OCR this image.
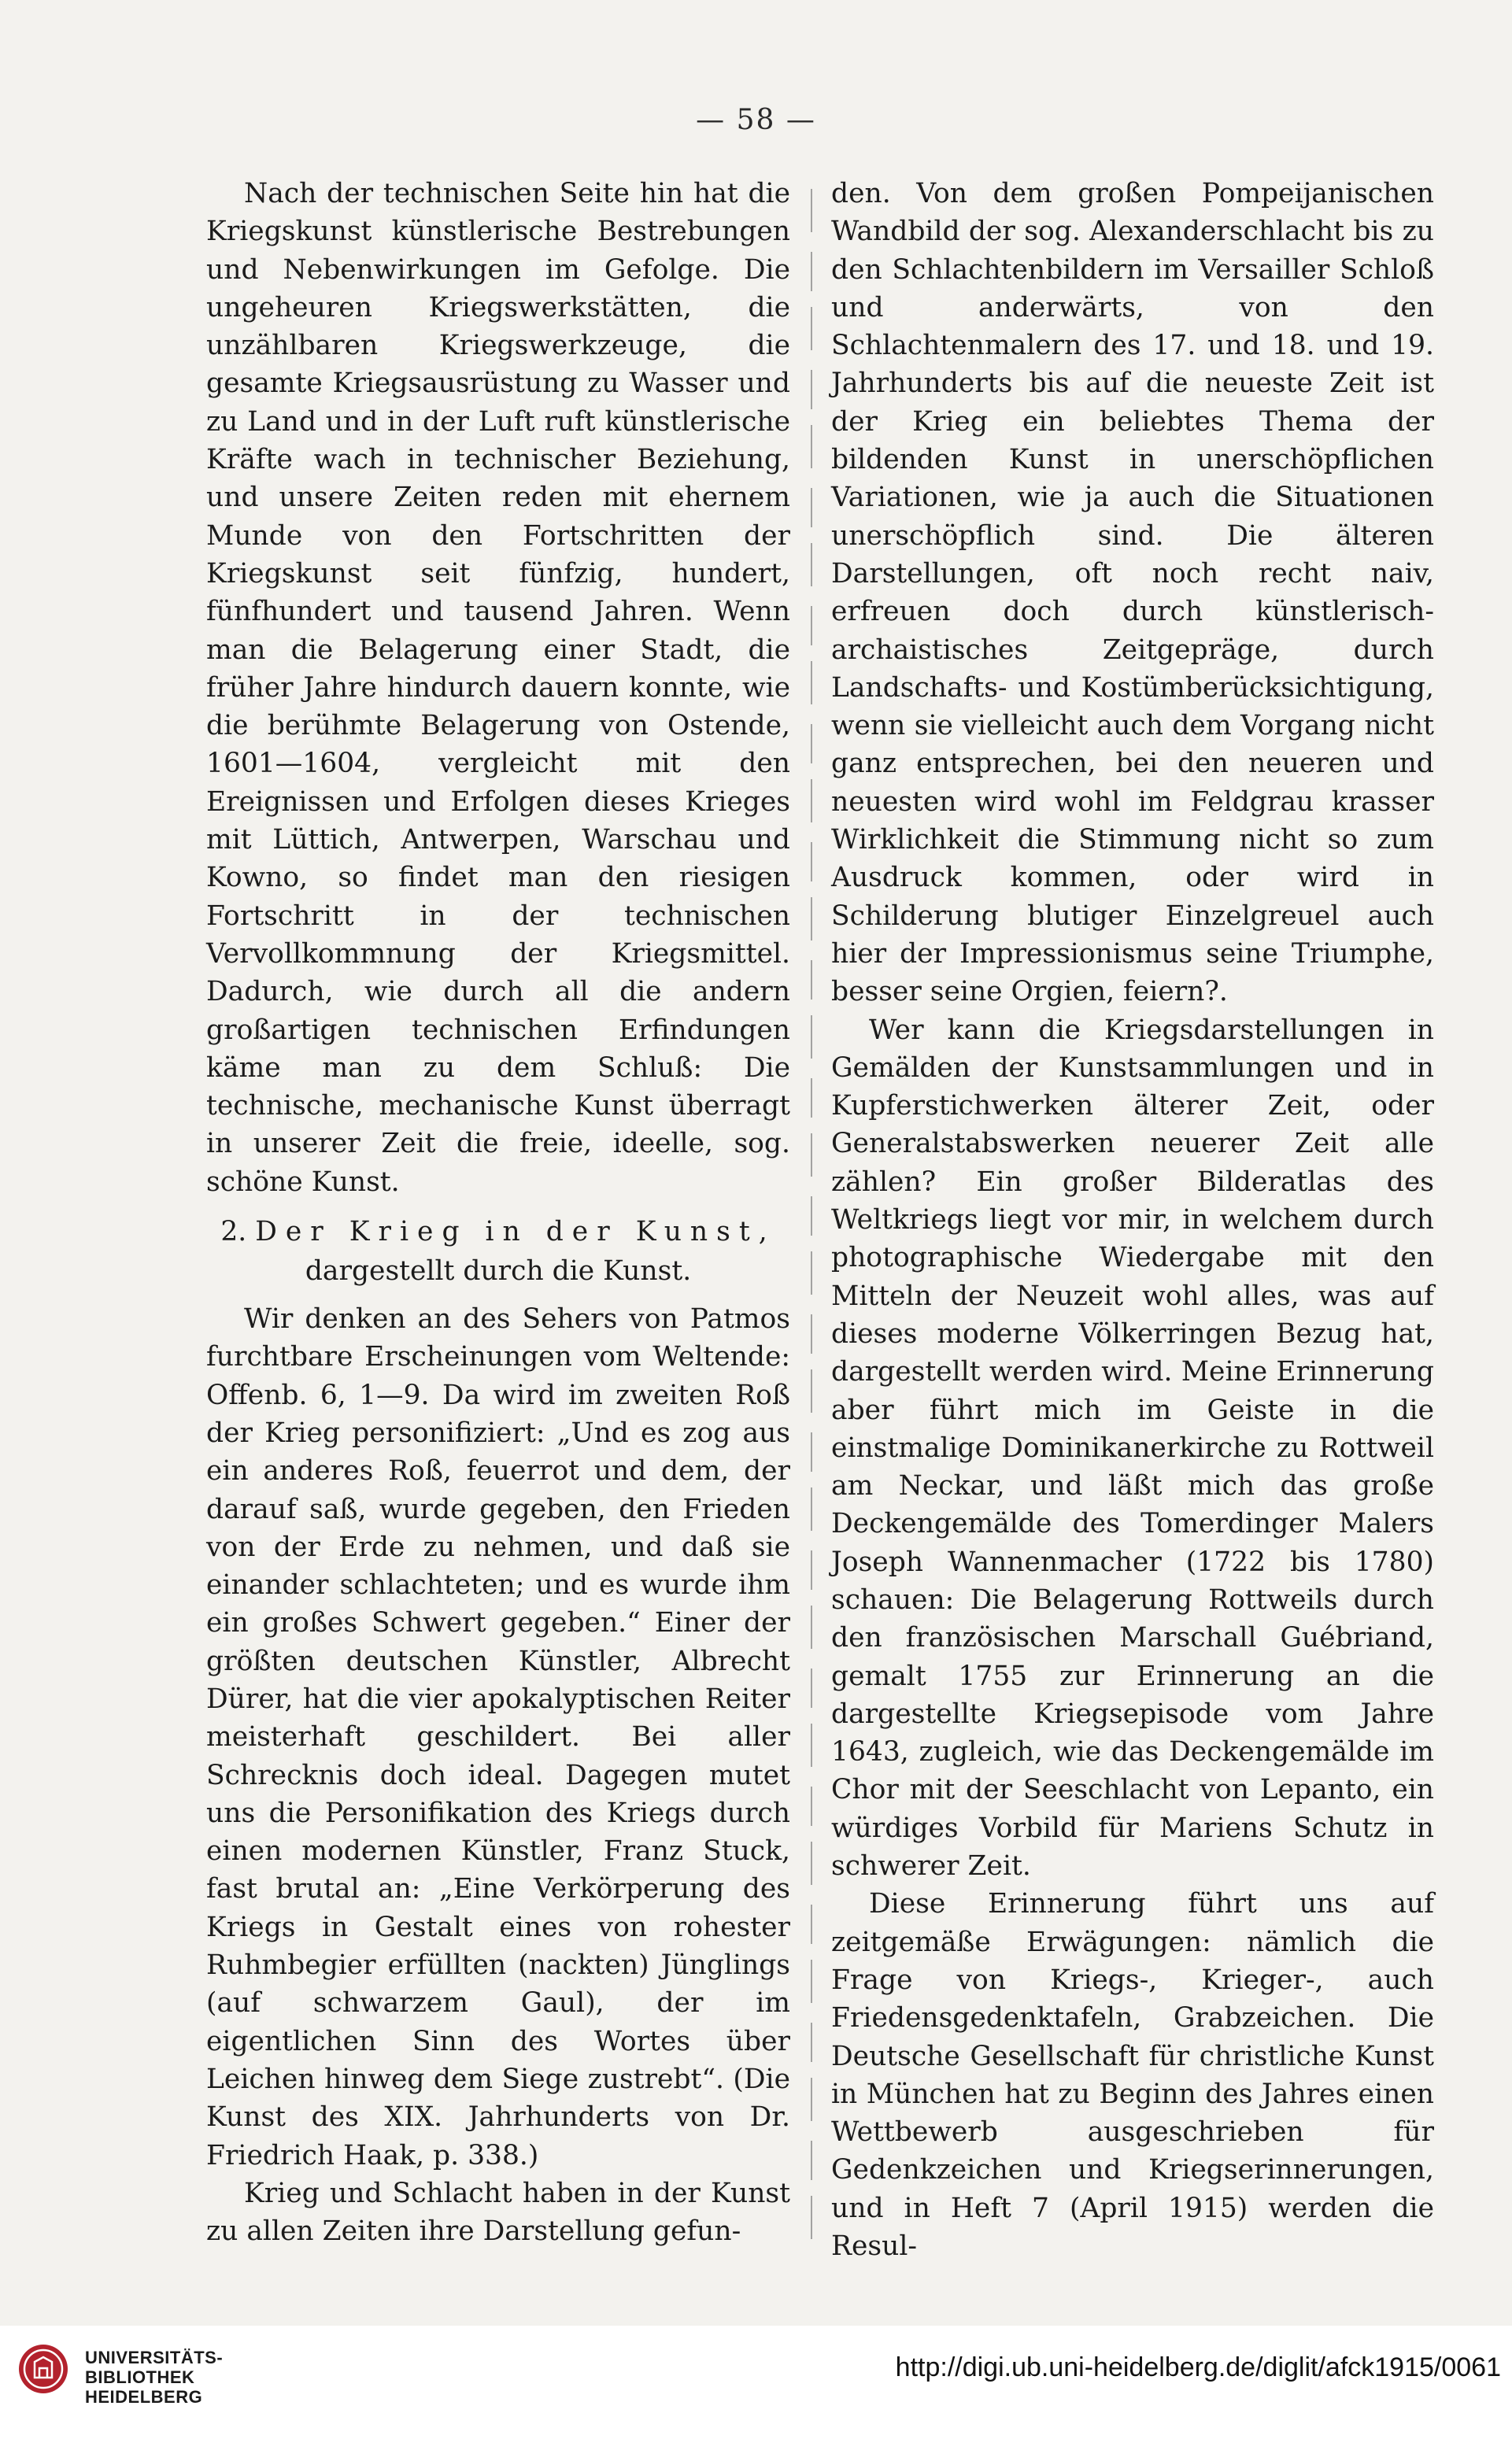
— 58 —

Nach der technischen Seite hin hat die Kriegskunst künstlerische Bestrebungen und Nebenwirkungen im Gefolge. Die ungeheuren Kriegswerkstätten, die unzählbaren Kriegswerkzeuge, die gesamte Kriegsausrüstung zu Wasser und zu Land und in der Luft ruft künstlerische Kräfte wach in technischer Beziehung, und unsere Zeiten reden mit ehernem Munde von den Fortschritten der Kriegskunst seit fünfzig, hundert, fünfhundert und tausend Jahren. Wenn man die Belagerung einer Stadt, die früher Jahre hindurch dauern konnte, wie die berühmte Belagerung von Ostende, 1601—1604, vergleicht mit den Ereignissen und Erfolgen dieses Krieges mit Lüttich, Antwerpen, Warschau und Kowno, so findet man den riesigen Fortschritt in der technischen Vervollkommnung der Kriegsmittel. Dadurch, wie durch all die andern großartigen technischen Erfindungen käme man zu dem Schluß: Die technische, mechanische Kunst überragt in unserer Zeit die freie, ideelle, sog. schöne Kunst.

2. Der Krieg in der Kunst,
dargestellt durch die Kunst.

Wir denken an des Sehers von Patmos furchtbare Erscheinungen vom Weltende: Offenb. 6, 1—9. Da wird im zweiten Roß der Krieg personifiziert: „Und es zog aus ein anderes Roß, feuerrot und dem, der darauf saß, wurde gegeben, den Frieden von der Erde zu nehmen, und daß sie einander schlachteten; und es wurde ihm ein großes Schwert gegeben.“ Einer der größten deutschen Künstler, Albrecht Dürer, hat die vier apokalyptischen Reiter meisterhaft geschildert. Bei aller Schrecknis doch ideal. Dagegen mutet uns die Personifikation des Kriegs durch einen modernen Künstler, Franz Stuck, fast brutal an: „Eine Verkörperung des Kriegs in Gestalt eines von rohester Ruhmbegier erfüllten (nackten) Jünglings (auf schwarzem Gaul), der im eigentlichen Sinn des Wortes über Leichen hinweg dem Siege zustrebt“. (Die Kunst des XIX. Jahrhunderts von Dr. Friedrich Haak, p. 338.)

Krieg und Schlacht haben in der Kunst zu allen Zeiten ihre Darstellung gefun-

den. Von dem großen Pompeijanischen Wandbild der sog. Alexanderschlacht bis zu den Schlachtenbildern im Versailler Schloß und anderwärts, von den Schlachtenmalern des 17. und 18. und 19. Jahrhunderts bis auf die neueste Zeit ist der Krieg ein beliebtes Thema der bildenden Kunst in unerschöpflichen Variationen, wie ja auch die Situationen unerschöpflich sind. Die älteren Darstellungen, oft noch recht naiv, erfreuen doch durch künstlerisch-archaistisches Zeitgepräge, durch Landschafts- und Kostümberücksichtigung, wenn sie vielleicht auch dem Vorgang nicht ganz entsprechen, bei den neueren und neuesten wird wohl im Feldgrau krasser Wirklichkeit die Stimmung nicht so zum Ausdruck kommen, oder wird in Schilderung blutiger Einzelgreuel auch hier der Impressionismus seine Triumphe, besser seine Orgien, feiern?.

Wer kann die Kriegsdarstellungen in Gemälden der Kunstsammlungen und in Kupferstichwerken älterer Zeit, oder Generalstabswerken neuerer Zeit alle zählen? Ein großer Bilderatlas des Weltkriegs liegt vor mir, in welchem durch photographische Wiedergabe mit den Mitteln der Neuzeit wohl alles, was auf dieses moderne Völkerringen Bezug hat, dargestellt werden wird. Meine Erinnerung aber führt mich im Geiste in die einstmalige Dominikanerkirche zu Rottweil am Neckar, und läßt mich das große Deckengemälde des Tomerdinger Malers Joseph Wannenmacher (1722 bis 1780) schauen: Die Belagerung Rottweils durch den französischen Marschall Guébriand, gemalt 1755 zur Erinnerung an die dargestellte Kriegsepisode vom Jahre 1643, zugleich, wie das Deckengemälde im Chor mit der Seeschlacht von Lepanto, ein würdiges Vorbild für Mariens Schutz in schwerer Zeit.

Diese Erinnerung führt uns auf zeitgemäße Erwägungen: nämlich die Frage von Kriegs-, Krieger-, auch Friedensgedenktafeln, Grabzeichen. Die Deutsche Gesellschaft für christliche Kunst in München hat zu Beginn des Jahres einen Wettbewerb ausgeschrieben für Gedenkzeichen und Kriegserinnerungen, und in Heft 7 (April 1915) werden die Resul-

UNIVERSITÄTS-
BIBLIOTHEK
HEIDELBERG
http://digi.ub.uni-heidelberg.de/diglit/afck1915/0061
